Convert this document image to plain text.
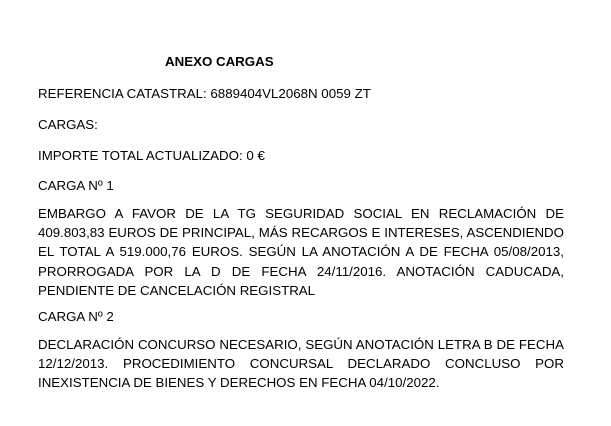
ANEXO CARGAS
REFERENCIA CATASTRAL: 6889404VL2068N 0059 ZT
CARGAS:
IMPORTE TOTAL ACTUALIZADO: 0 €
CARGA Nº 1
EMBARGO A FAVOR DE LA TG SEGURIDAD SOCIAL EN RECLAMACIÓN DE 409.803,83 EUROS DE PRINCIPAL, MÁS RECARGOS E INTERESES, ASCENDIENDO EL TOTAL A 519.000,76 EUROS. SEGÚN LA ANOTACIÓN A DE FECHA 05/08/2013, PRORROGADA POR LA D DE FECHA 24/11/2016. ANOTACIÓN CADUCADA, PENDIENTE DE CANCELACIÓN REGISTRAL
CARGA Nº 2
DECLARACIÓN CONCURSO NECESARIO, SEGÚN ANOTACIÓN LETRA B DE FECHA 12/12/2013. PROCEDIMIENTO CONCURSAL DECLARADO CONCLUSO POR INEXISTENCIA DE BIENES Y DERECHOS EN FECHA 04/10/2022.
